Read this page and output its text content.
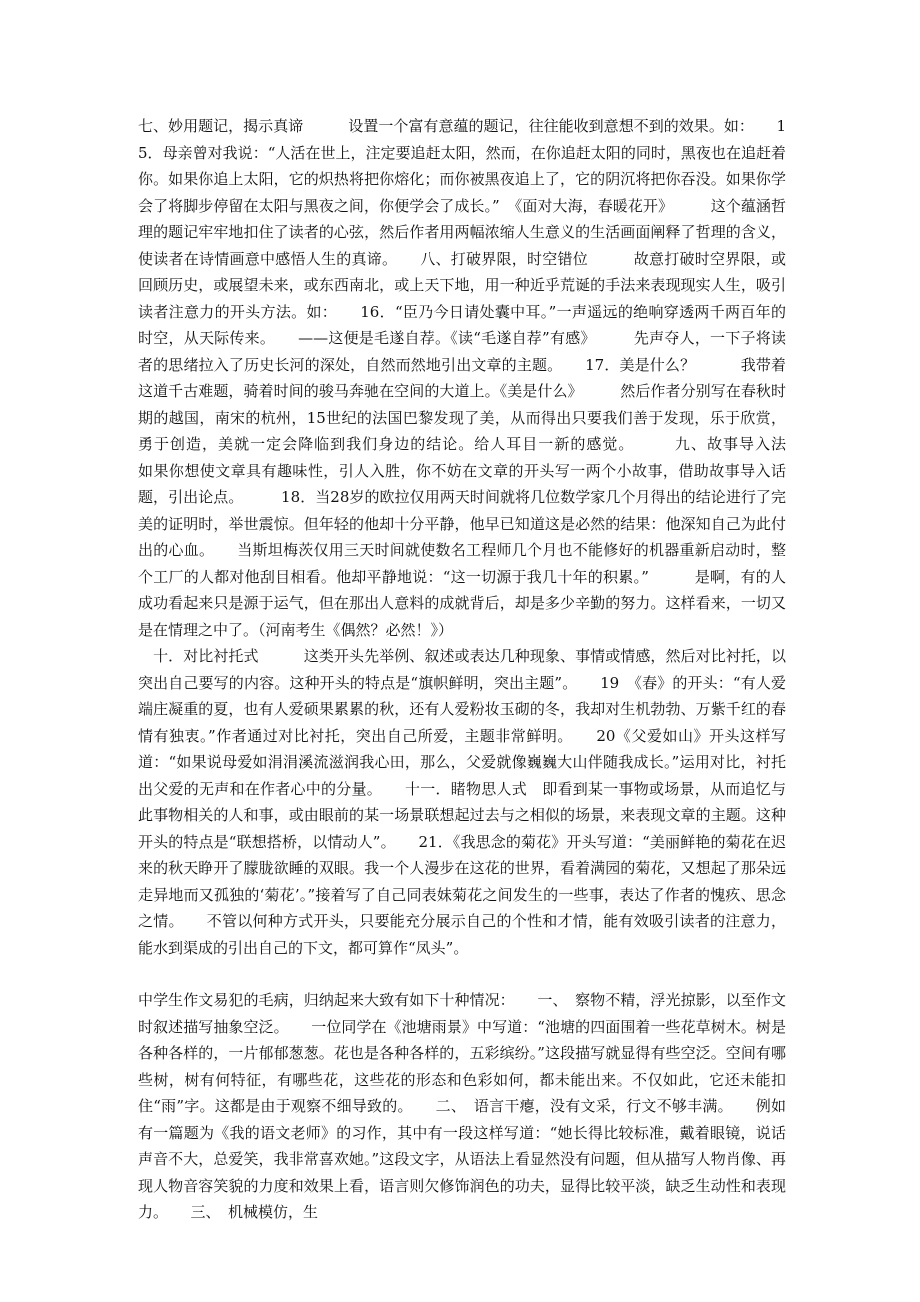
七、妙用题记，揭示真谛　　　设置一个富有意蕴的题记，往往能收到意想不到的效果。如：　　15．母亲曾对我说：“人活在世上，注定要追赶太阳，然而，在你追赶太阳的同时，黑夜也在追赶着你。如果你追上太阳，它的炽热将把你熔化；而你被黑夜追上了，它的阴沉将把你吞没。如果你学会了将脚步停留在太阳与黑夜之间，你便学会了成长。”　《面对大海，春暖花开》　　　这个蕴涵哲理的题记牢牢地扣住了读者的心弦，然后作者用两幅浓缩人生意义的生活画面阐释了哲理的含义，使读者在诗情画意中感悟人生的真谛。　　八、打破界限，时空错位　　　故意打破时空界限，或回顾历史，或展望未来，或东西南北，或上天下地，用一种近乎荒诞的手法来表现现实人生，吸引读者注意力的开头方法。如：　　16．“臣乃今日请处囊中耳。”一声遥远的绝响穿透两千两百年的时空，从天际传来。　　——这便是毛遂自荐。《读“毛遂自荐”有感》　　　先声夺人，一下子将读者的思绪拉入了历史长河的深处，自然而然地引出文章的主题。　　17．美是什么？　　　我带着这道千古难题，骑着时间的骏马奔驰在空间的大道上。《美是什么》　　　然后作者分别写在春秋时期的越国，南宋的杭州，15世纪的法国巴黎发现了美，从而得出只要我们善于发现，乐于欣赏，勇于创造，美就一定会降临到我们身边的结论。给人耳目一新的感觉。　　　九、故事导入法　　如果你想使文章具有趣味性，引人入胜，你不妨在文章的开头写一两个小故事，借助故事导入话题，引出论点。　　　18．当28岁的欧拉仅用两天时间就将几位数学家几个月得出的结论进行了完美的证明时，举世震惊。但年轻的他却十分平静，他早已知道这是必然的结果：他深知自己为此付出的心血。　　当斯坦梅茨仅用三天时间就使数名工程师几个月也不能修好的机器重新启动时，整个工厂的人都对他刮目相看。他却平静地说：“这一切源于我几十年的积累。”　　　是啊，有的人成功看起来只是源于运气，但在那出人意料的成就背后，却是多少辛勤的努力。这样看来，一切又是在情理之中了。（河南考生《偶然？必然！》）
　十．对比衬托式　　　这类开头先举例、叙述或表达几种现象、事情或情感，然后对比衬托，以突出自己要写的内容。这种开头的特点是“旗帜鲜明，突出主题”。　　19　《春》的开头：“有人爱端庄凝重的夏，也有人爱硕果累累的秋，还有人爱粉妆玉砌的冬，我却对生机勃勃、万紫千红的春情有独衷。”作者通过对比衬托，突出自己所爱，主题非常鲜明。　　20《父爱如山》开头这样写道：“如果说母爱如涓涓溪流滋润我心田，那么，父爱就像巍巍大山伴随我成长。”运用对比，衬托出父爱的无声和在作者心中的分量。　　十一．睹物思人式　即看到某一事物或场景，从而追忆与此事物相关的人和事，或由眼前的某一场景联想起过去与之相似的场景，来表现文章的主题。这种开头的特点是“联想搭桥，以情动人”。　　21．《我思念的菊花》开头写道：“美丽鲜艳的菊花在迟来的秋天睁开了朦胧欲睡的双眼。我一个人漫步在这花的世界，看着满园的菊花，又想起了那朵远走异地而又孤独的‘菊花’。”接着写了自己同表妹菊花之间发生的一些事，表达了作者的愧疚、思念之情。　　不管以何种方式开头，只要能充分展示自己的个性和才情，能有效吸引读者的注意力，能水到渠成的引出自己的下文，都可算作“凤头”。

中学生作文易犯的毛病，归纳起来大致有如下十种情况：　　一、　察物不精，浮光掠影，以至作文时叙述描写抽象空泛。　　一位同学在《池塘雨景》中写道：“池塘的四面围着一些花草树木。树是各种各样的，一片郁郁葱葱。花也是各种各样的，五彩缤纷。”这段描写就显得有些空泛。空间有哪些树，树有何特征，有哪些花，这些花的形态和色彩如何，都未能出来。不仅如此，它还未能扣住“雨”字。这都是由于观察不细导致的。　　二、　语言干瘪，没有文采，行文不够丰满。　　例如有一篇题为《我的语文老师》的习作，其中有一段这样写道：“她长得比较标准，戴着眼镜，说话声音不大，总爱笑，我非常喜欢她。”这段文字，从语法上看显然没有问题，但从描写人物肖像、再现人物音容笑貌的力度和效果上看，语言则欠修饰润色的功夫，显得比较平淡，缺乏生动性和表现力。　　三、　机械模仿，生
